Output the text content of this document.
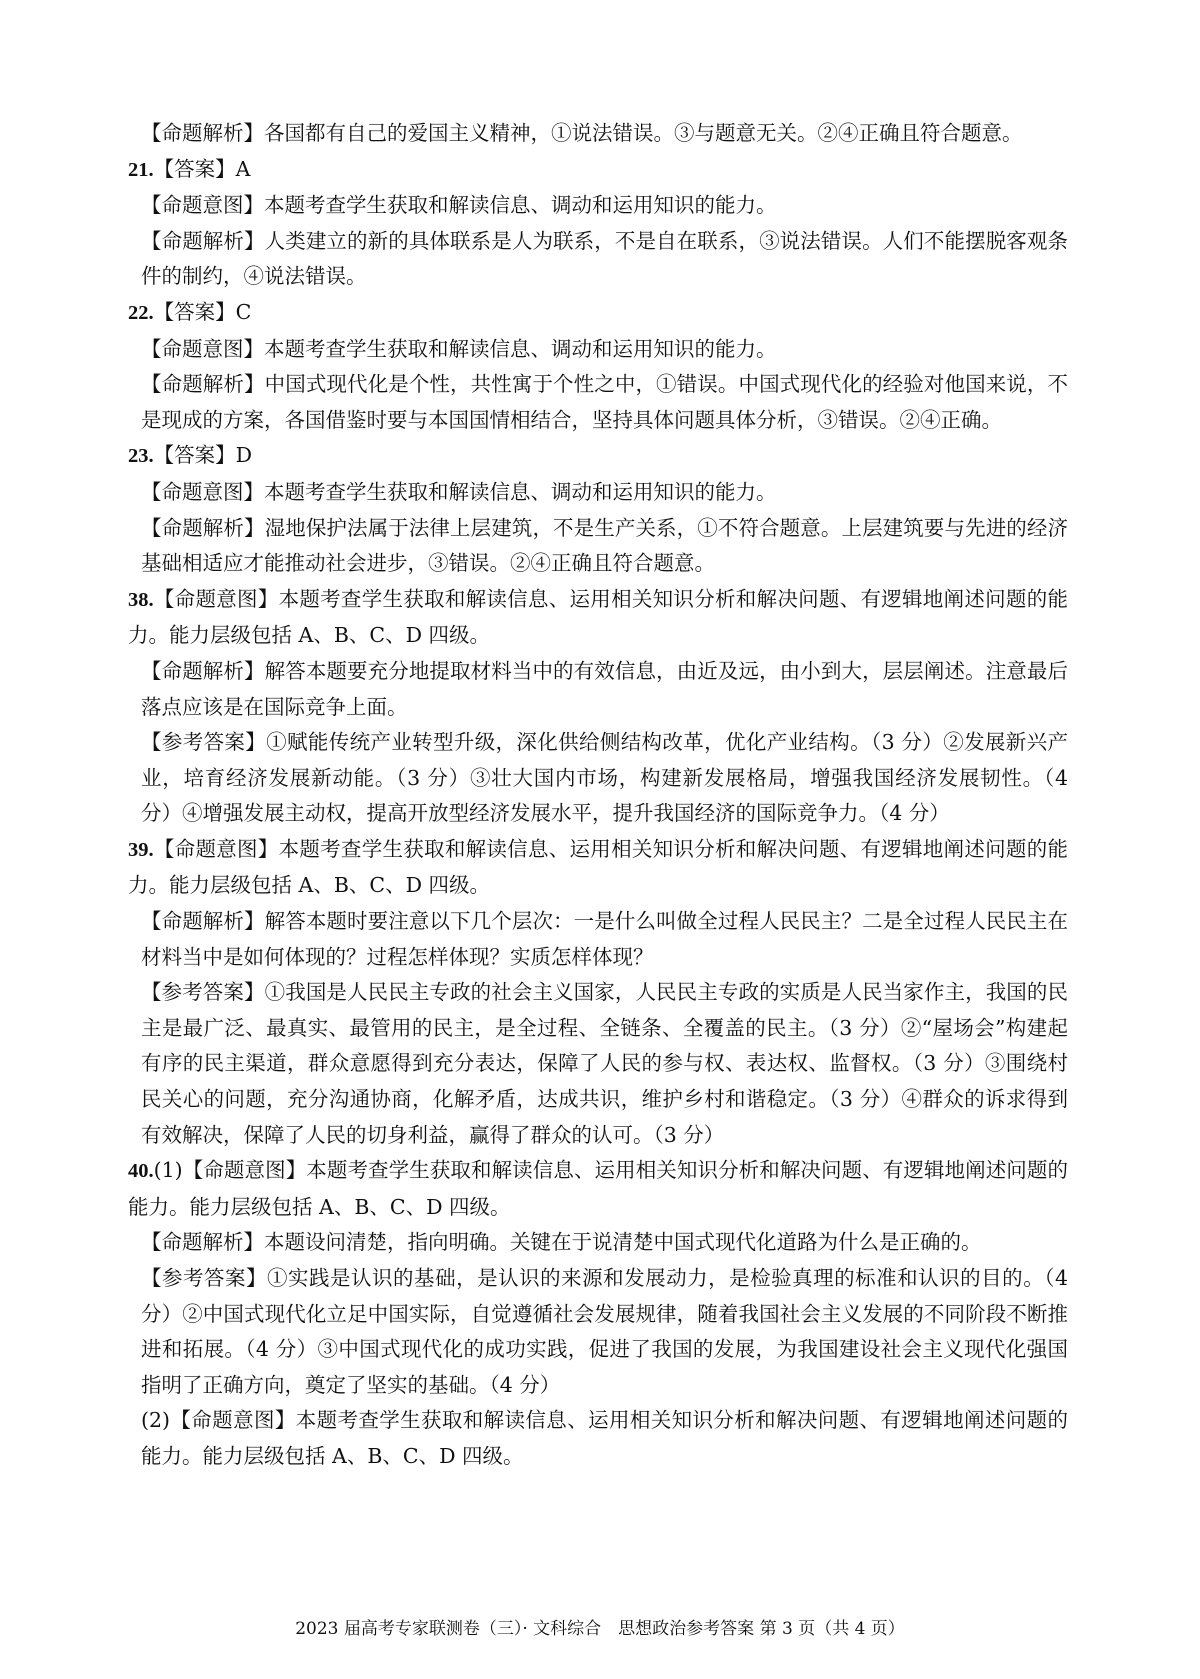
【命题解析】各国都有自己的爱国主义精神，①说法错误。③与题意无关。②④正确且符合题意。

21.【答案】A

【命题意图】本题考查学生获取和解读信息、调动和运用知识的能力。

【命题解析】人类建立的新的具体联系是人为联系，不是自在联系，③说法错误。人们不能摆脱客观条件的制约，④说法错误。

22.【答案】C

【命题意图】本题考查学生获取和解读信息、调动和运用知识的能力。

【命题解析】中国式现代化是个性，共性寓于个性之中，①错误。中国式现代化的经验对他国来说，不是现成的方案，各国借鉴时要与本国国情相结合，坚持具体问题具体分析，③错误。②④正确。

23.【答案】D

【命题意图】本题考查学生获取和解读信息、调动和运用知识的能力。

【命题解析】湿地保护法属于法律上层建筑，不是生产关系，①不符合题意。上层建筑要与先进的经济基础相适应才能推动社会进步，③错误。②④正确且符合题意。

38.【命题意图】本题考查学生获取和解读信息、运用相关知识分析和解决问题、有逻辑地阐述问题的能力。能力层级包括 A、B、C、D 四级。

【命题解析】解答本题要充分地提取材料当中的有效信息，由近及远，由小到大，层层阐述。注意最后落点应该是在国际竞争上面。

【参考答案】①赋能传统产业转型升级，深化供给侧结构改革，优化产业结构。（3 分）②发展新兴产业，培育经济发展新动能。（3 分）③壮大国内市场，构建新发展格局，增强我国经济发展韧性。（4 分）④增强发展主动权，提高开放型经济发展水平，提升我国经济的国际竞争力。（4 分）

39.【命题意图】本题考查学生获取和解读信息、运用相关知识分析和解决问题、有逻辑地阐述问题的能力。能力层级包括 A、B、C、D 四级。

【命题解析】解答本题时要注意以下几个层次：一是什么叫做全过程人民民主？二是全过程人民民主在材料当中是如何体现的？过程怎样体现？实质怎样体现？

【参考答案】①我国是人民民主专政的社会主义国家，人民民主专政的实质是人民当家作主，我国的民主是最广泛、最真实、最管用的民主，是全过程、全链条、全覆盖的民主。（3 分）②“屋场会”构建起有序的民主渠道，群众意愿得到充分表达，保障了人民的参与权、表达权、监督权。（3 分）③围绕村民关心的问题，充分沟通协商，化解矛盾，达成共识，维护乡村和谐稳定。（3 分）④群众的诉求得到有效解决，保障了人民的切身利益，赢得了群众的认可。（3 分）

40.(1)【命题意图】本题考查学生获取和解读信息、运用相关知识分析和解决问题、有逻辑地阐述问题的能力。能力层级包括 A、B、C、D 四级。

【命题解析】本题设问清楚，指向明确。关键在于说清楚中国式现代化道路为什么是正确的。

【参考答案】①实践是认识的基础，是认识的来源和发展动力，是检验真理的标准和认识的目的。（4 分）②中国式现代化立足中国实际，自觉遵循社会发展规律，随着我国社会主义发展的不同阶段不断推进和拓展。（4 分）③中国式现代化的成功实践，促进了我国的发展，为我国建设社会主义现代化强国指明了正确方向，奠定了坚实的基础。（4 分）

(2)【命题意图】本题考查学生获取和解读信息、运用相关知识分析和解决问题、有逻辑地阐述问题的能力。能力层级包括 A、B、C、D 四级。

2023 届高考专家联测卷（三）· 文科综合　思想政治参考答案 第 3 页（共 4 页）
